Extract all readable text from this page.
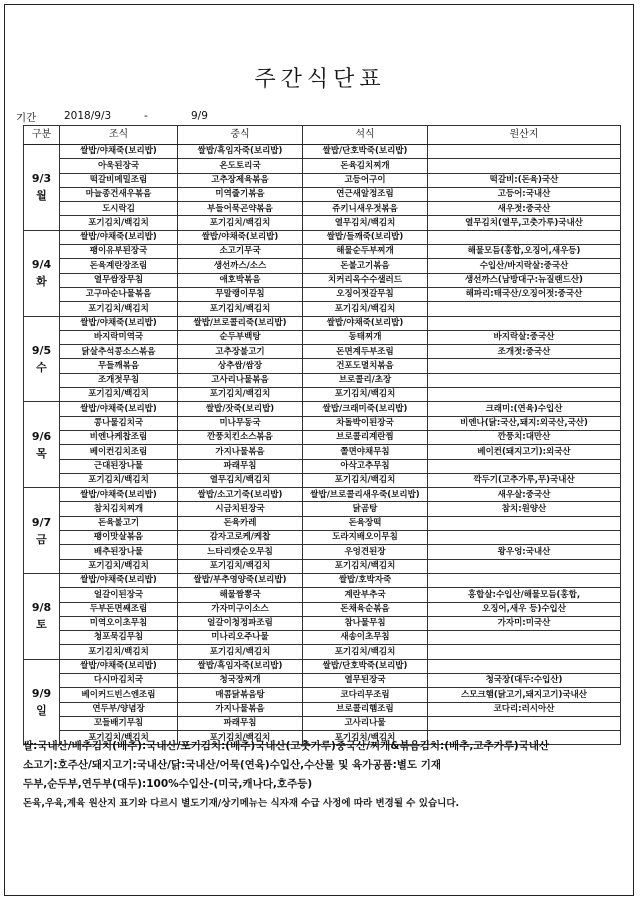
주간식단표
기간	2018/9/3	-	9/9
구분	조식	중식	석식	원산지

9/3
월	쌀밥/야채죽(보리밥)	쌀밥/흑임자죽(보리밥)	쌀밥/단호박죽(보리밥)	
	아욱된장국	온도토리국	돈육김치찌개	
	떡갈비메밀조림	고추장제육볶음	고등어구이	떡갈비:(돈육)국산
	마늘종건새우볶음	미역줄기볶음	연근새알정조림	고등어:국내산
	도시락김	부들어묵곤약볶음	쥬키니새우젓볶음	새우젓:중국산
	포기김치/백김치	포기김치/백김치	열무김치/백김치	열무김치(열무,고춧가루)국내산

9/4
화	쌀밥/야채죽(보리밥)	쌀밥/야채죽(보리밥)	쌀밥/들깨죽(보리밥)	
	팽이유부된장국	소고기무국	해물순두부찌개	해물모듬(홍합,오징어,새우등)
	돈육계란장조림	생선까스/소스	돈불고기볶음	수입산/바지락살:중국산
	열무쌈장무침	애호박볶음	치커리옥수수샐러드	생선까스(남방대구:뉴질랜드산)
	고구마순나물볶음	무말랭이무침	오징어젓갈무침	해파리:태국산/오징어젓:중국산
	포기김치/백김치	포기김치/백김치	포기김치/백김치	

9/5
수	쌀밥/야채죽(보리밥)	쌀밥/브로콜리죽(보리밥)	쌀밥/야채죽(보리밥)	
	바지락미역국	순두부백탕	동태찌개	바지락살:중국산
	닭살추석콩소스볶음	고추장불고기	돈면계두부조림	조개젓:중국산
	무들깨볶음	상추쌈/쌈장	건포도멸치볶음	
	조개젓무침	고사리나물볶음	브로콜리/초장	
	포기김치/백김치	포기김치/백김치	포기김치/백김치	

9/6
목	쌀밥/야채죽(보리밥)	쌀밥/잣죽(보리밥)	쌀밥/크래미죽(보리밥)	크래미:(연육)수입산
	콩나물김치국	미나무동국	차돌박이된장국	비엔나(닭:국산,돼지:외국산,국산)
	비엔나케찹조림	깐풍치킨소스볶음	브로콜리계란찜	깐풍치:대만산
	베이컨김치조림	가지나물볶음	쫄면야채무침	베이컨(돼지고기):외국산
	근대된장나물	파래무침	아삭고추무침	
	포기김치/백김치	열무김치/백김치	포기김치/백김치	깍두기(고추가루,무)국내산

9/7
금	쌀밥/야채죽(보리밥)	쌀밥/소고기죽(보리밥)	쌀밥/브로콜리새우죽(보리밥)	새우살:중국산
	참치김치찌개	시금치된장국	닭곰탕	참치:원양산
	돈육불고기	돈육카레	돈육장떡	
	팽이맛살볶음	감자고로케/케찹	도라지배오이무침	
	배추된장나물	느타리캣순오무침	우엉견된장	왕우엉:국내산
	포기김치/백김치	포기김치/백김치	포기김치/백김치	

9/8
토	쌀밥/야채죽(보리밥)	쌀밥/부추영양죽(보리밥)	쌀밥/호박자죽	
	얼갈이된장국	해물짬뽕국	계란부추국	홍합살:수입산/해물모듬(홍합,
	두부돈면쌔조림	가자미구이소스	돈채육순볶음	오징어,새우 등)수입산
	미역오이초무침	얼갈이청정파조림	참나물무침	가자미:미국산
	청포묵김무침	미나리오주나물	새송이초무침	
	포기김치/백김치	포기김치/백김치	포기김치/백김치	

9/9
일	쌀밥/야채죽(보리밥)	쌀밥/흑임자죽(보리밥)	쌀밥/단호박죽(보리밥)	
	다시마김치국	청국장찌개	열무된장국	청국장(대두:수입산)
	베이커드빈스엔조림	매콤닭볶음탕	코다리무조림	스모크햄(닭고기,돼지고기)국내산
	연두부/양념장	가지나물볶음	브로콜리햄조림	코다리:러시아산
	꼬들배기무침	파래무침	고사리나물	
	포기김치/백김치	포기김치/백김치	포기김치/백김치	
쌀:국내산/배추김치(배추):국내산/포기김치:(배추)국내산(고춧가루)중국산/찌개&볶음김치:(배추,고추가루)국내산
소고기:호주산/돼지고기:국내산/닭:국내산/어묵(연육)수입산,수산물 및 육가공품:별도 기재
두부,순두부,연두부(대두):100%수입산-(미국,캐나다,호주등)
돈육,우육,계육 원산지 표기와 다르시 별도기재/상기메뉴는 식자재 수급 사정에 따라 변경될 수 있습니다.
